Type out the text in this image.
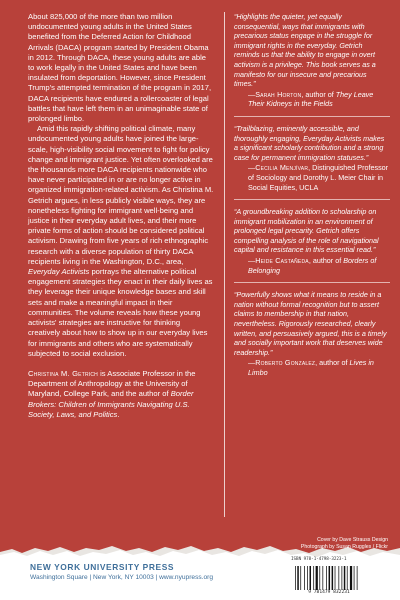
About 825,000 of the more than two million undocumented young adults in the United States benefited from the Deferred Action for Childhood Arrivals (DACA) program started by President Obama in 2012. Through DACA, these young adults are able to work legally in the United States and have been insulated from deportation. However, since President Trump's attempted termination of the program in 2017, DACA recipients have endured a rollercoaster of legal battles that have left them in an unimaginable state of prolonged limbo.

Amid this rapidly shifting political climate, many undocumented young adults have joined the large-scale, high-visibility social movement to fight for policy change and immigrant justice. Yet often overlooked are the thousands more DACA recipients nationwide who have never participated in or are no longer active in organized immigration-related activism. As Christina M. Getrich argues, in less publicly visible ways, they are nonetheless fighting for immigrant well-being and justice in their everyday adult lives, and their more private forms of action should be considered political activism. Drawing from five years of rich ethnographic research with a diverse population of thirty DACA recipients living in the Washington, D.C., area, Everyday Activists portrays the alternative political engagement strategies they enact in their daily lives as they leverage their unique knowledge bases and skill sets and make a meaningful impact in their communities. The volume reveals how these young activists' strategies are instructive for thinking creatively about how to show up in our everyday lives for immigrants and others who are systematically subjected to social exclusion.

Christina M. Getrich is Associate Professor in the Department of Anthropology at the University of Maryland, College Park, and the author of Border Brokers: Children of Immigrants Navigating U.S. Society, Laws, and Politics.

“Highlights the quieter, yet equally consequential, ways that immigrants with precarious status engage in the struggle for immigrant rights in the everyday. Getrich reminds us that the ability to engage in overt activism is a privilege. This book serves as a manifesto for our insecure and precarious times.”

—Sarah Horton, author of They Leave Their Kidneys in the Fields

“Trailblazing, eminently accessible, and thoroughly engaging, Everyday Activists makes a significant scholarly contribution and a strong case for permanent immigration statuses.”

—Cecilia Menjívar, Distinguished Professor of Sociology and Dorothy L. Meier Chair in Social Equities, UCLA

“A groundbreaking addition to scholarship on immigrant mobilization in an environment of prolonged legal precarity. Getrich offers compelling analysis of the role of navigational capital and resistance in this essential read.”

—Heide Castañeda, author of Borders of Belonging

“Powerfully shows what it means to reside in a nation without formal recognition but to assert claims to membership in that nation, nevertheless. Rigorously researched, clearly written, and persuasively argued, this is a timely and socially important work that deserves wide readership.”

—Roberto Gonzalez, author of Lives in Limbo

Cover by Dave Strauss Design
Photograph by Susan Ruggles / Flickr
NEW YORK UNIVERSITY PRESS
Washington Square | New York, NY 10003 | www.nyupress.org
ISBN 978-1-4798-3223-1
9 781479 832231
